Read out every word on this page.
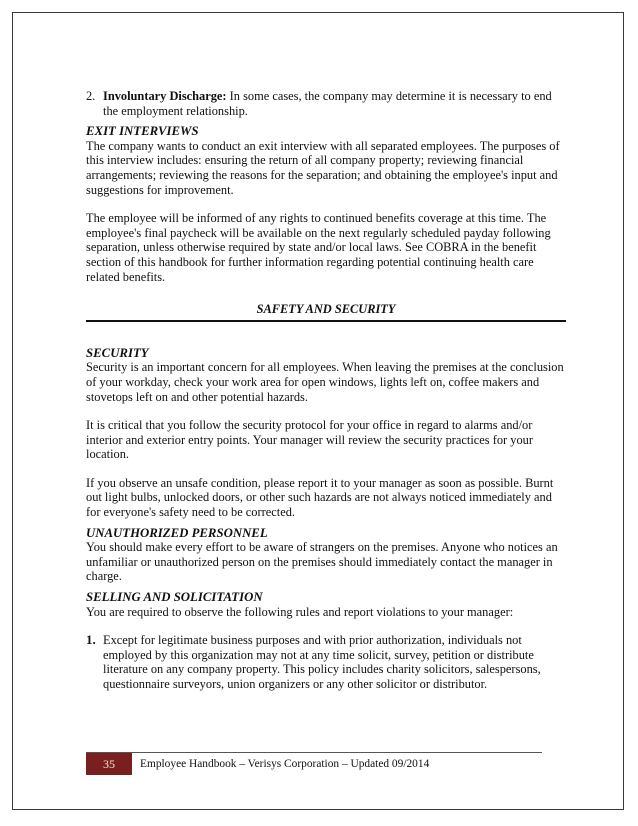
2. Involuntary Discharge: In some cases, the company may determine it is necessary to end the employment relationship.

EXIT INTERVIEWS

The company wants to conduct an exit interview with all separated employees. The purposes of this interview includes: ensuring the return of all company property; reviewing financial arrangements; reviewing the reasons for the separation; and obtaining the employee's input and suggestions for improvement.

The employee will be informed of any rights to continued benefits coverage at this time. The employee's final paycheck will be available on the next regularly scheduled payday following separation, unless otherwise required by state and/or local laws. See COBRA in the benefit section of this handbook for further information regarding potential continuing health care related benefits.

SAFETY AND SECURITY

SECURITY

Security is an important concern for all employees. When leaving the premises at the conclusion of your workday, check your work area for open windows, lights left on, coffee makers and stovetops left on and other potential hazards.

It is critical that you follow the security protocol for your office in regard to alarms and/or interior and exterior entry points. Your manager will review the security practices for your location.

If you observe an unsafe condition, please report it to your manager as soon as possible. Burnt out light bulbs, unlocked doors, or other such hazards are not always noticed immediately and for everyone's safety need to be corrected.

UNAUTHORIZED PERSONNEL

You should make every effort to be aware of strangers on the premises. Anyone who notices an unfamiliar or unauthorized person on the premises should immediately contact the manager in charge.

SELLING AND SOLICITATION

You are required to observe the following rules and report violations to your manager:

1. Except for legitimate business purposes and with prior authorization, individuals not employed by this organization may not at any time solicit, survey, petition or distribute literature on any company property. This policy includes charity solicitors, salespersons, questionnaire surveyors, union organizers or any other solicitor or distributor.

35	Employee Handbook – Verisys Corporation – Updated 09/2014
